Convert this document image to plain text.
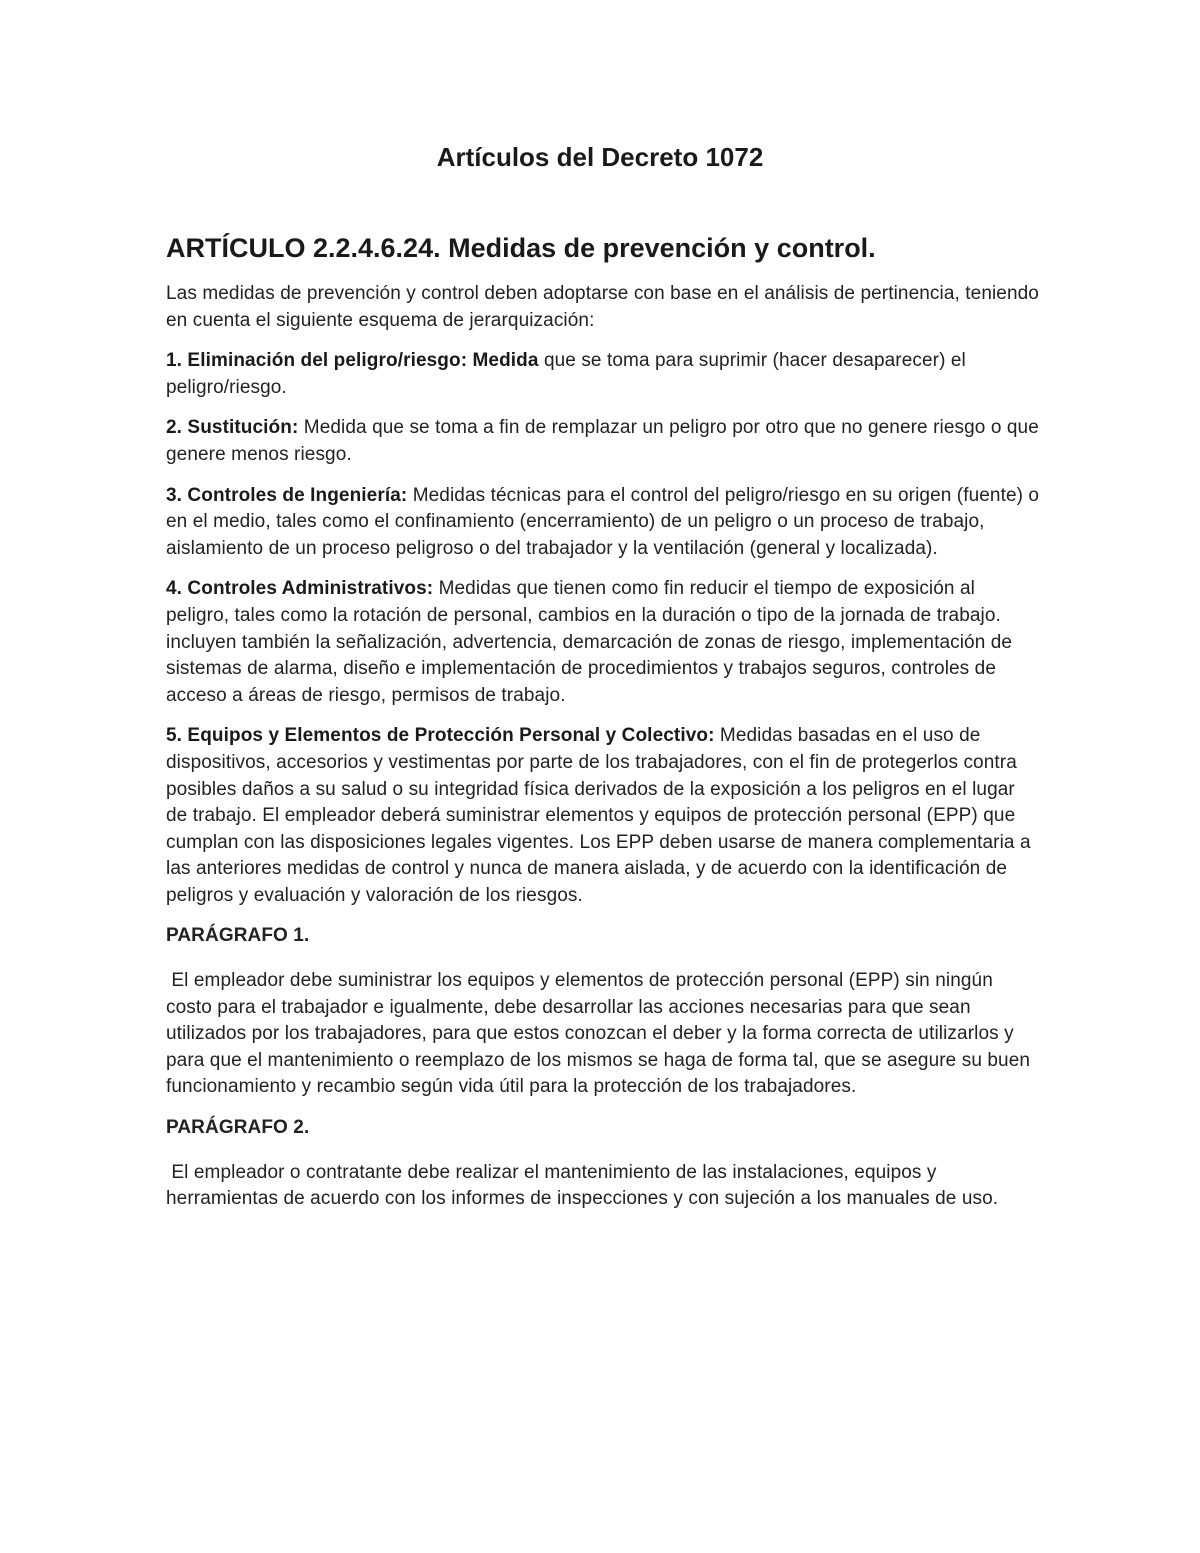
Artículos del Decreto 1072
ARTÍCULO 2.2.4.6.24. Medidas de prevención y control.

Las medidas de prevención y control deben adoptarse con base en el análisis de pertinencia, teniendo en cuenta el siguiente esquema de jerarquización:

1. Eliminación del peligro/riesgo: Medida que se toma para suprimir (hacer desaparecer) el peligro/riesgo.

2. Sustitución: Medida que se toma a fin de remplazar un peligro por otro que no genere riesgo o que genere menos riesgo.

3. Controles de Ingeniería: Medidas técnicas para el control del peligro/riesgo en su origen (fuente) o en el medio, tales como el confinamiento (encerramiento) de un peligro o un proceso de trabajo, aislamiento de un proceso peligroso o del trabajador y la ventilación (general y localizada).

4. Controles Administrativos: Medidas que tienen como fin reducir el tiempo de exposición al peligro, tales como la rotación de personal, cambios en la duración o tipo de la jornada de trabajo. incluyen también la señalización, advertencia, demarcación de zonas de riesgo, implementación de sistemas de alarma, diseño e implementación de procedimientos y trabajos seguros, controles de acceso a áreas de riesgo, permisos de trabajo.

5. Equipos y Elementos de Protección Personal y Colectivo: Medidas basadas en el uso de dispositivos, accesorios y vestimentas por parte de los trabajadores, con el fin de protegerlos contra posibles daños a su salud o su integridad física derivados de la exposición a los peligros en el lugar de trabajo. El empleador deberá suministrar elementos y equipos de protección personal (EPP) que cumplan con las disposiciones legales vigentes. Los EPP deben usarse de manera complementaria a las anteriores medidas de control y nunca de manera aislada, y de acuerdo con la identificación de peligros y evaluación y valoración de los riesgos.

PARÁGRAFO 1.

El empleador debe suministrar los equipos y elementos de protección personal (EPP) sin ningún costo para el trabajador e igualmente, debe desarrollar las acciones necesarias para que sean utilizados por los trabajadores, para que estos conozcan el deber y la forma correcta de utilizarlos y para que el mantenimiento o reemplazo de los mismos se haga de forma tal, que se asegure su buen funcionamiento y recambio según vida útil para la protección de los trabajadores.

PARÁGRAFO 2.

El empleador o contratante debe realizar el mantenimiento de las instalaciones, equipos y herramientas de acuerdo con los informes de inspecciones y con sujeción a los manuales de uso.
